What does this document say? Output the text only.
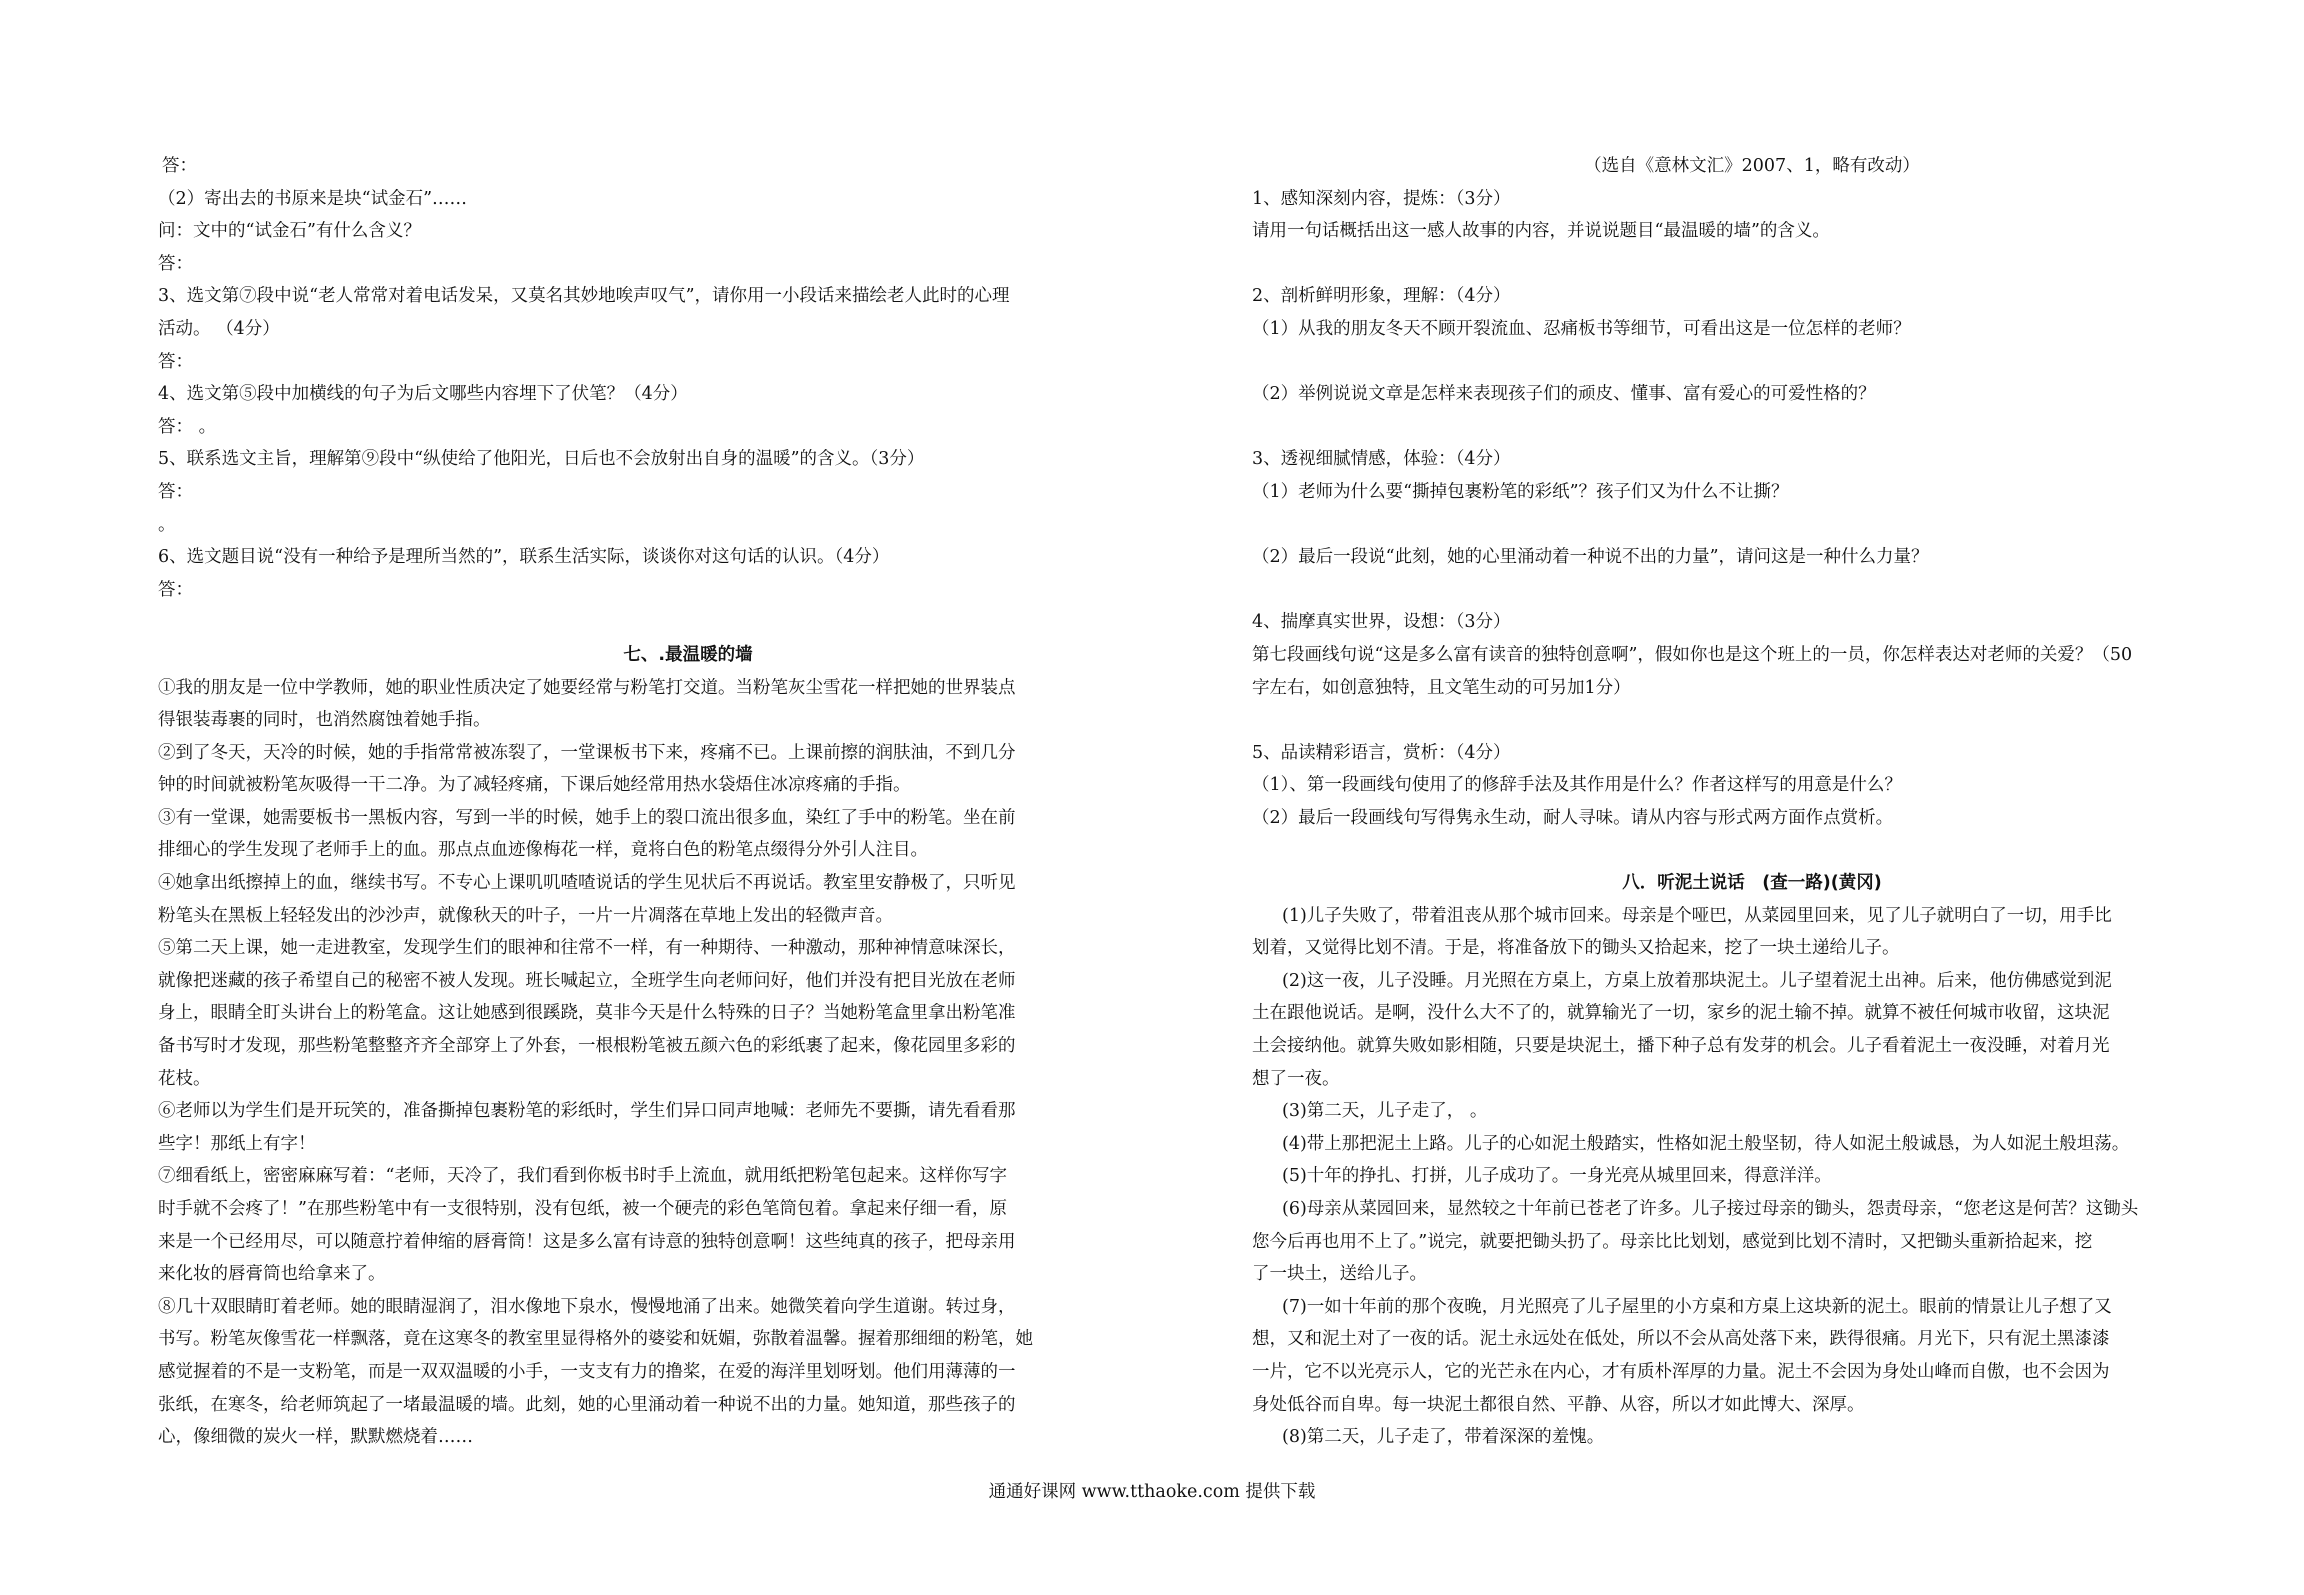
答：
（2）寄出去的书原来是块“试金石”……
问：文中的“试金石”有什么含义？
答：
3、选文第⑦段中说“老人常常对着电话发呆，又莫名其妙地唉声叹气”，请你用一小段话来描绘老人此时的心理
活动。 （4分）
答：
4、选文第⑤段中加横线的句子为后文哪些内容埋下了伏笔？（4分）
答： 。
5、联系选文主旨，理解第⑨段中“纵使给了他阳光，日后也不会放射出自身的温暖”的含义。（3分）
答：
。
6、选文题目说“没有一种给予是理所当然的”，联系生活实际，谈谈你对这句话的认识。（4分）
答：
七、.最温暖的墙
①我的朋友是一位中学教师，她的职业性质决定了她要经常与粉笔打交道。当粉笔灰尘雪花一样把她的世界装点
得银装毒裹的同时，也消然腐蚀着她手指。
②到了冬天，天冷的时候，她的手指常常被冻裂了，一堂课板书下来，疼痛不已。上课前擦的润肤油，不到几分
钟的时间就被粉笔灰吸得一干二净。为了减轻疼痛，下课后她经常用热水袋焐住冰凉疼痛的手指。
③有一堂课，她需要板书一黑板内容，写到一半的时候，她手上的裂口流出很多血，染红了手中的粉笔。坐在前
排细心的学生发现了老师手上的血。那点点血迹像梅花一样，竟将白色的粉笔点缀得分外引人注目。
④她拿出纸擦掉上的血，继续书写。不专心上课叽叽喳喳说话的学生见状后不再说话。教室里安静极了，只听见
粉笔头在黑板上轻轻发出的沙沙声，就像秋天的叶子，一片一片凋落在草地上发出的轻微声音。
⑤第二天上课，她一走进教室，发现学生们的眼神和往常不一样，有一种期待、一种激动，那种神情意味深长，
就像把迷藏的孩子希望自己的秘密不被人发现。班长喊起立，全班学生向老师问好，他们并没有把目光放在老师
身上，眼睛全盯头讲台上的粉笔盒。这让她感到很蹊跷，莫非今天是什么特殊的日子？当她粉笔盒里拿出粉笔准
备书写时才发现，那些粉笔整整齐齐全部穿上了外套，一根根粉笔被五颜六色的彩纸裹了起来，像花园里多彩的
花枝。
⑥老师以为学生们是开玩笑的，准备撕掉包裹粉笔的彩纸时，学生们异口同声地喊：老师先不要撕，请先看看那
些字！那纸上有字！
⑦细看纸上，密密麻麻写着：“老师，天冷了，我们看到你板书时手上流血，就用纸把粉笔包起来。这样你写字
时手就不会疼了！”在那些粉笔中有一支很特别，没有包纸，被一个硬壳的彩色笔筒包着。拿起来仔细一看，原
来是一个已经用尽，可以随意拧着伸缩的唇膏筒！这是多么富有诗意的独特创意啊！这些纯真的孩子，把母亲用
来化妆的唇膏筒也给拿来了。
⑧几十双眼睛盯着老师。她的眼睛湿润了，泪水像地下泉水，慢慢地涌了出来。她微笑着向学生道谢。转过身，
书写。粉笔灰像雪花一样飘落，竟在这寒冬的教室里显得格外的婆娑和妩媚，弥散着温馨。握着那细细的粉笔，她
感觉握着的不是一支粉笔，而是一双双温暖的小手，一支支有力的撸桨，在爱的海洋里划呀划。他们用薄薄的一
张纸，在寒冬，给老师筑起了一堵最温暖的墙。此刻，她的心里涌动着一种说不出的力量。她知道，那些孩子的
心，像细微的炭火一样，默默燃烧着……
（选自《意林文汇》2007、1，略有改动）
1、感知深刻内容，提炼：（3分）
请用一句话概括出这一感人故事的内容，并说说题目“最温暖的墙”的含义。
2、剖析鲜明形象，理解：（4分）
（1）从我的朋友冬天不顾开裂流血、忍痛板书等细节，可看出这是一位怎样的老师？
（2）举例说说文章是怎样来表现孩子们的顽皮、懂事、富有爱心的可爱性格的？
3、透视细腻情感，体验：（4分）
（1）老师为什么要“撕掉包裹粉笔的彩纸”？孩子们又为什么不让撕？
（2）最后一段说“此刻，她的心里涌动着一种说不出的力量”，请问这是一种什么力量？
4、揣摩真实世界，设想：（3分）
第七段画线句说“这是多么富有读音的独特创意啊”，假如你也是这个班上的一员，你怎样表达对老师的关爱？（50
字左右，如创意独特，且文笔生动的可另加1分）
5、品读精彩语言，赏析：（4分）
（1）、第一段画线句使用了的修辞手法及其作用是什么？作者这样写的用意是什么？
（2）最后一段画线句写得隽永生动，耐人寻味。请从内容与形式两方面作点赏析。
八．听泥土说话　(查一路)(黄冈)
(1)儿子失败了，带着沮丧从那个城市回来。母亲是个哑巴，从菜园里回来，见了儿子就明白了一切，用手比
划着，又觉得比划不清。于是，将准备放下的锄头又拾起来，挖了一块土递给儿子。
(2)这一夜，儿子没睡。月光照在方桌上，方桌上放着那块泥土。儿子望着泥土出神。后来，他仿佛感觉到泥
土在跟他说话。是啊，没什么大不了的，就算输光了一切，家乡的泥土输不掉。就算不被任何城市收留，这块泥
土会接纳他。就算失败如影相随，只要是块泥土，播下种子总有发芽的机会。儿子看着泥土一夜没睡，对着月光
想了一夜。
(3)第二天，儿子走了， 。
(4)带上那把泥土上路。儿子的心如泥土般踏实，性格如泥土般坚韧，待人如泥土般诚恳，为人如泥土般坦荡。
(5)十年的挣扎、打拼，儿子成功了。一身光亮从城里回来，得意洋洋。
(6)母亲从菜园回来，显然较之十年前已苍老了许多。儿子接过母亲的锄头，怨责母亲，“您老这是何苦？这锄头
您今后再也用不上了。”说完，就要把锄头扔了。母亲比比划划，感觉到比划不清时，又把锄头重新拾起来，挖
了一块土，送给儿子。
(7)一如十年前的那个夜晚，月光照亮了儿子屋里的小方桌和方桌上这块新的泥土。眼前的情景让儿子想了又
想，又和泥土对了一夜的话。泥土永远处在低处，所以不会从高处落下来，跌得很痛。月光下，只有泥土黑漆漆
一片，它不以光亮示人，它的光芒永在内心，才有质朴浑厚的力量。泥土不会因为身处山峰而自傲，也不会因为
身处低谷而自卑。每一块泥土都很自然、平静、从容，所以才如此博大、深厚。
(8)第二天，儿子走了，带着深深的羞愧。
通通好课网 www.tthaoke.com 提供下载
